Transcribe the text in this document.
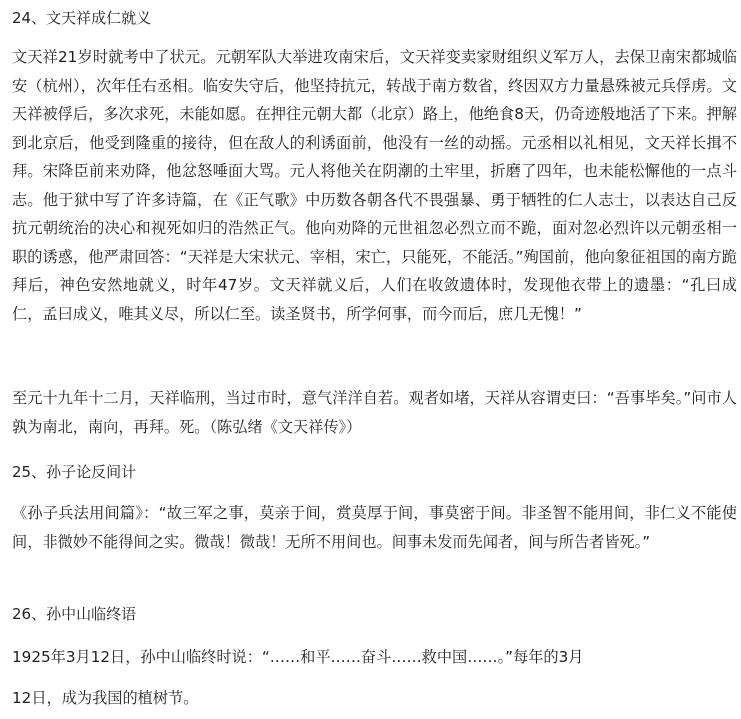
24、文天祥成仁就义

文天祥21岁时就考中了状元。元朝军队大举进攻南宋后，文天祥变卖家财组织义军万人，去保卫南宋都城临安（杭州），次年任右丞相。临安失守后，他坚持抗元，转战于南方数省，终因双方力量悬殊被元兵俘虏。文天祥被俘后，多次求死，未能如愿。在押往元朝大都（北京）路上，他绝食8天，仍奇迹般地活了下来。押解到北京后，他受到隆重的接待，但在敌人的利诱面前，他没有一丝的动摇。元丞相以礼相见，文天祥长揖不拜。宋降臣前来劝降，他忿怒唾面大骂。元人将他关在阴潮的土牢里，折磨了四年，也未能松懈他的一点斗志。他于狱中写了许多诗篇，在《正气歌》中历数各朝各代不畏强暴、勇于牺牲的仁人志士，以表达自己反抗元朝统治的决心和视死如归的浩然正气。他向劝降的元世祖忽必烈立而不跪，面对忽必烈许以元朝丞相一职的诱惑，他严肃回答：“天祥是大宋状元、宰相，宋亡，只能死，不能活。”殉国前，他向象征祖国的南方跪拜后，神色安然地就义，时年47岁。文天祥就义后，人们在收敛遗体时，发现他衣带上的遗墨：“孔曰成仁，孟曰成义，唯其义尽，所以仁至。读圣贤书，所学何事，而今而后，庶几无愧！”

至元十九年十二月，天祥临刑，当过市时，意气洋洋自若。观者如堵，天祥从容谓吏曰：“吾事毕矣。”问市人孰为南北，南向，再拜。死。（陈弘绪《文天祥传》）

25、孙子论反间计

《孙子兵法用间篇》：“故三军之事，莫亲于间，赏莫厚于间，事莫密于间。非圣智不能用间，非仁义不能使间，非微妙不能得间之实。微哉！微哉！无所不用间也。间事未发而先闻者，间与所告者皆死。”

26、孙中山临终语

1925年3月12日，孙中山临终时说：“……和平……奋斗……救中国……。”每年的3月

12日，成为我国的植树节。
